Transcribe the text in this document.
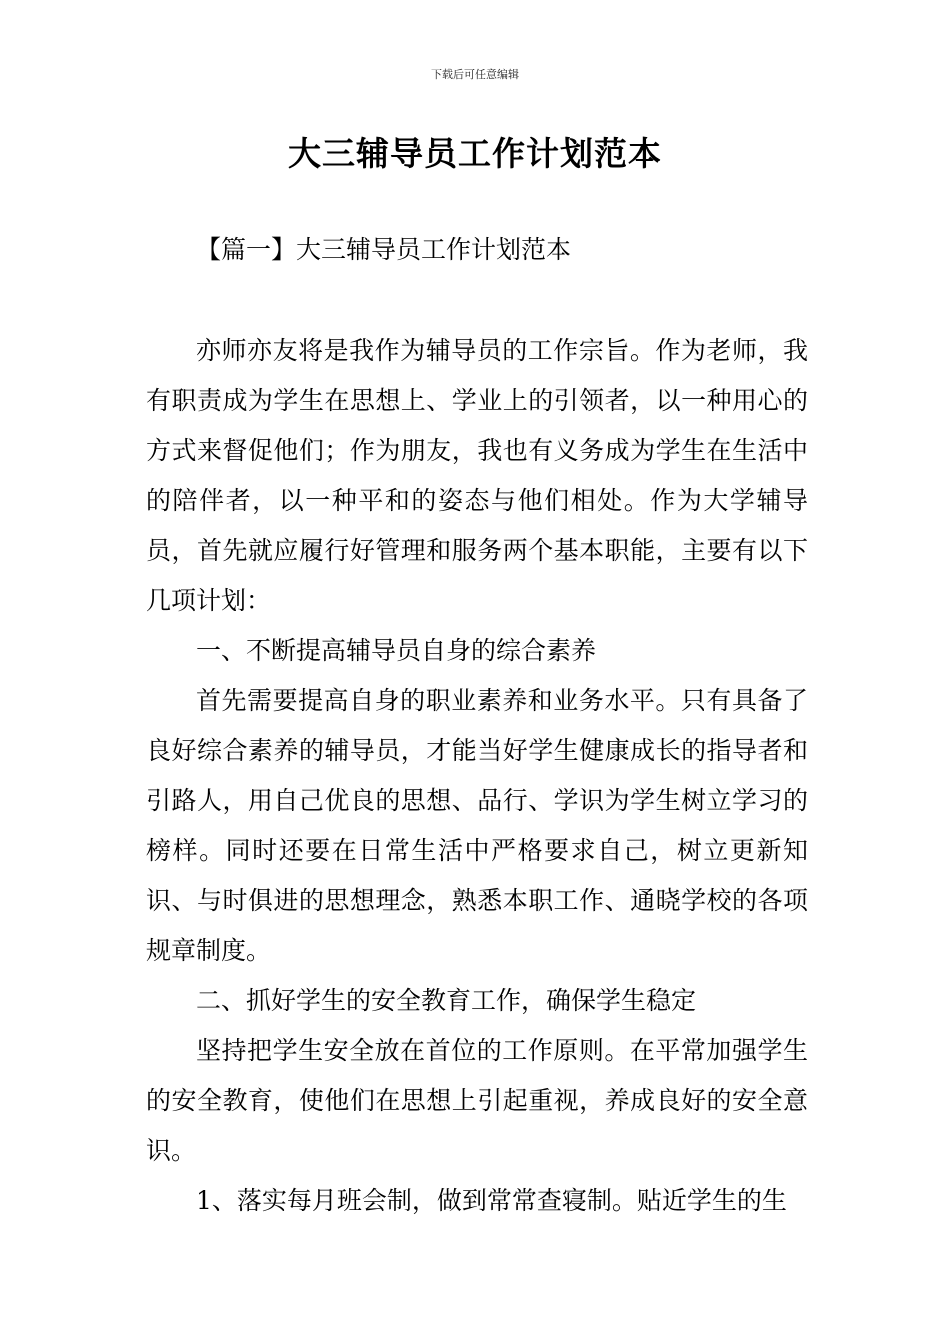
下载后可任意编辑
大三辅导员工作计划范本
【篇一】大三辅导员工作计划范本

亦师亦友将是我作为辅导员的工作宗旨。作为老师，我有职责成为学生在思想上、学业上的引领者，以一种用心的方式来督促他们；作为朋友，我也有义务成为学生在生活中的陪伴者，以一种平和的姿态与他们相处。作为大学辅导员，首先就应履行好管理和服务两个基本职能，主要有以下几项计划：

一、不断提高辅导员自身的综合素养

首先需要提高自身的职业素养和业务水平。只有具备了良好综合素养的辅导员，才能当好学生健康成长的指导者和引路人，用自己优良的思想、品行、学识为学生树立学习的榜样。同时还要在日常生活中严格要求自己，树立更新知识、与时俱进的思想理念，熟悉本职工作、通晓学校的各项规章制度。

二、抓好学生的安全教育工作，确保学生稳定

坚持把学生安全放在首位的工作原则。在平常加强学生的安全教育，使他们在思想上引起重视，养成良好的安全意识。

1、落实每月班会制，做到常常查寝制。贴近学生的生
